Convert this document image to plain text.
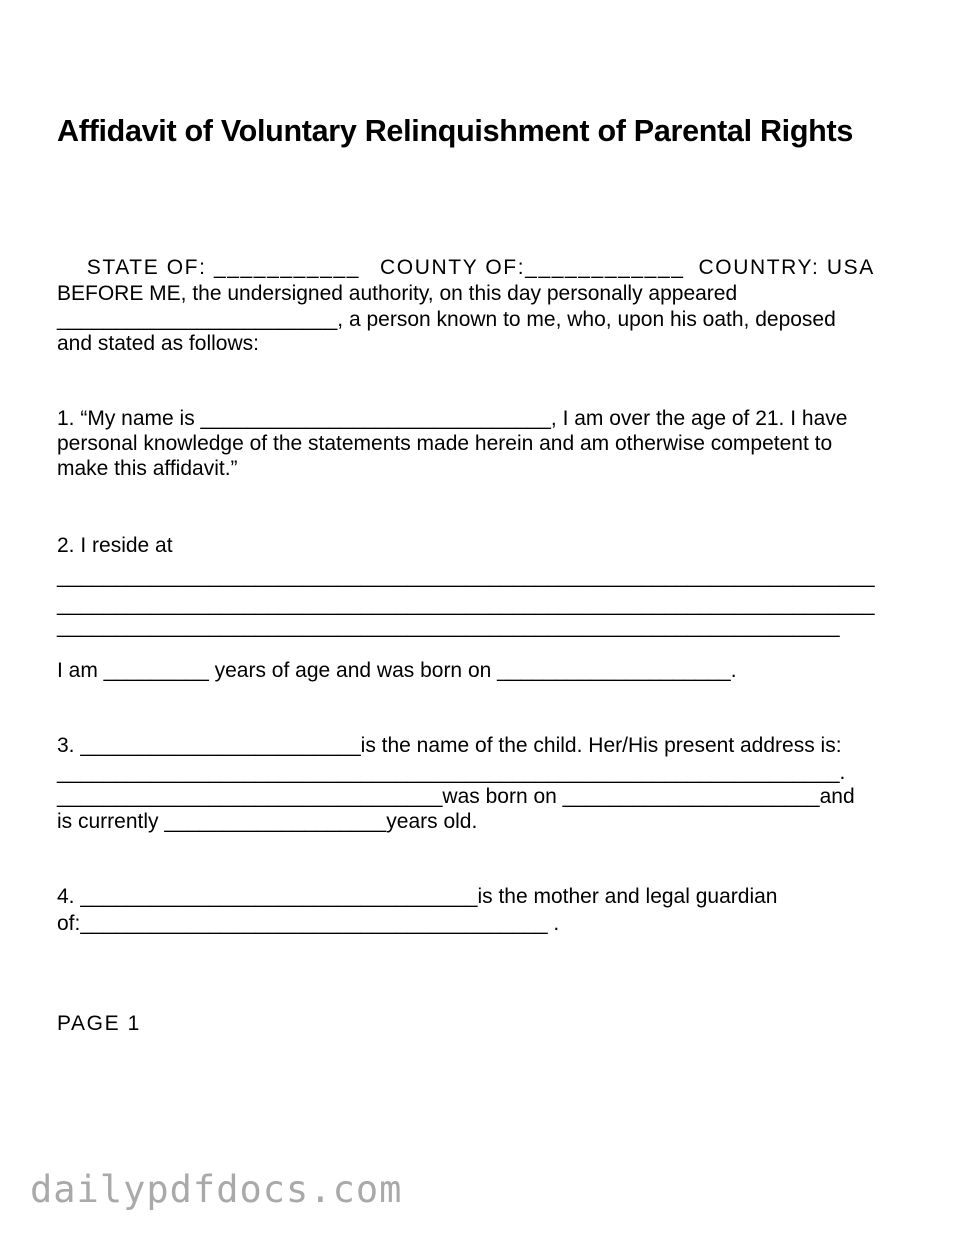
Affidavit of Voluntary Relinquishment of Parental Rights

STATE OF: ___________ COUNTY OF:____________ COUNTRY: USA

BEFORE ME, the undersigned authority, on this day personally appeared
________________________, a person known to me, who, upon his oath, deposed
and stated as follows:
1. “My name is ______________________________, I am over the age of 21. I have
personal knowledge of the statements made herein and am otherwise competent to
make this affidavit.”
2. I reside at
______________________________________________________________________
______________________________________________________________________
___________________________________________________________________
I am _________ years of age and was born on ____________________.
3. ________________________is the name of the child. Her/His present address is:
___________________________________________________________________.
_________________________________was born on ______________________and
is currently ___________________years old.
4. __________________________________is the mother and legal guardian
of:________________________________________ .
PAGE 1
dailypdfdocs.com
